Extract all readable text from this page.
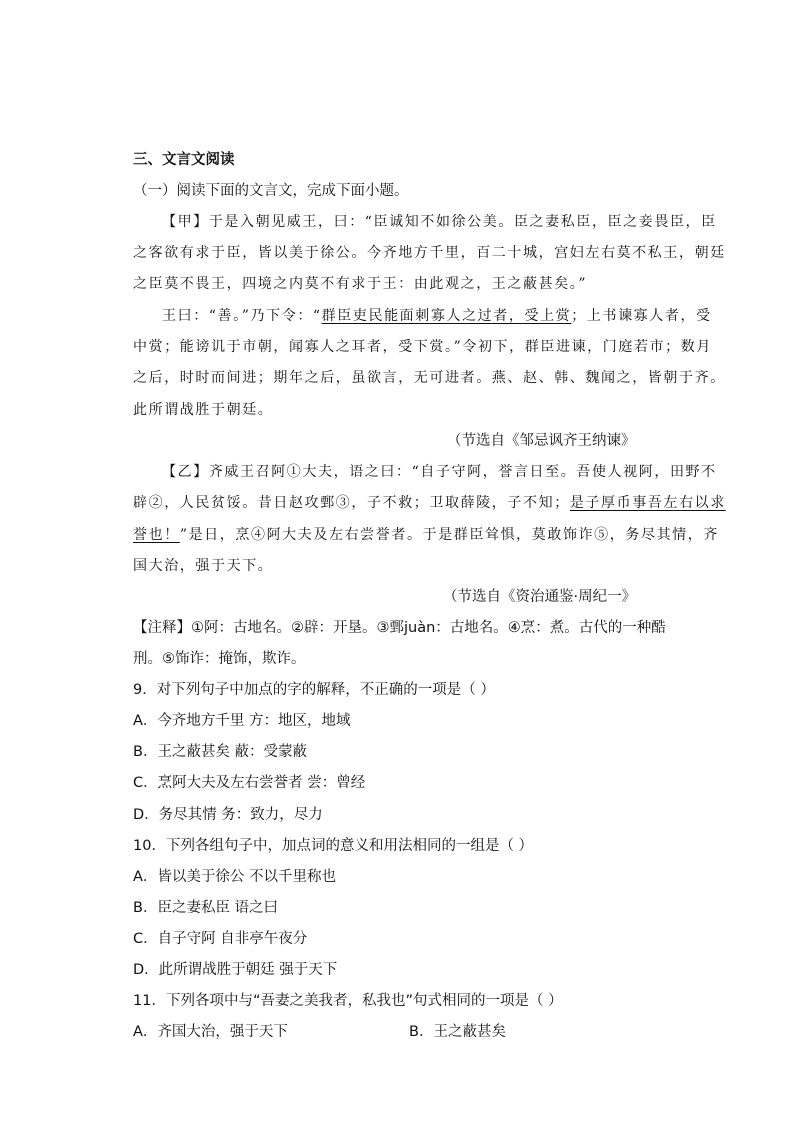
三、文言文阅读
（一）阅读下面的文言文，完成下面小题。
【甲】于是入朝见威王，曰：“臣诚知不如徐公美。臣之妻私臣，臣之妾畏臣，臣
之客欲有求于臣，皆以美于徐公。今齐地方千里，百二十城，宫妇左右莫不私王，朝廷
之臣莫不畏王，四境之内莫不有求于王：由此观之，王之蔽甚矣。”
王曰：“善。”乃下令：“群臣吏民能面刺寡人之过者，受上赏；上书谏寡人者，受
中赏；能谤讥于市朝，闻寡人之耳者，受下赏。”令初下，群臣进谏，门庭若市；数月
之后，时时而间进；期年之后，虽欲言，无可进者。燕、赵、韩、魏闻之，皆朝于齐。
此所谓战胜于朝廷。
（节选自《邹忌讽齐王纳谏》
【乙】齐威王召阿①大夫，语之曰：“自子守阿，誉言日至。吾使人视阿，田野不
辟②，人民贫馁。昔日赵攻鄄③，子不救；卫取薛陵，子不知；是子厚币事吾左右以求
誉也！”是日，烹④阿大夫及左右尝誉者。于是群臣耸惧，莫敢饰诈⑤，务尽其情，齐
国大治，强于天下。
（节选自《资治通鉴·周纪一》
【注释】①阿：古地名。②辟：开垦。③鄄juàn：古地名。④烹：煮。古代的一种酷
刑。⑤饰诈：掩饰，欺诈。
9．对下列句子中加点的字的解释，不正确的一项是（ ）
A．今齐地方千里 方：地区，地域
B．王之蔽甚矣 蔽：受蒙蔽
C．烹阿大夫及左右尝誉者 尝：曾经
D．务尽其情 务：致力，尽力
10．下列各组句子中，加点词的意义和用法相同的一组是（ ）
A．皆以美于徐公 不以千里称也
B．臣之妻私臣 语之曰
C．自子守阿 自非亭午夜分
D．此所谓战胜于朝廷 强于天下
11．下列各项中与“吾妻之美我者，私我也”句式相同的一项是（ ）
A．齐国大治，强于天下	B．王之蔽甚矣
